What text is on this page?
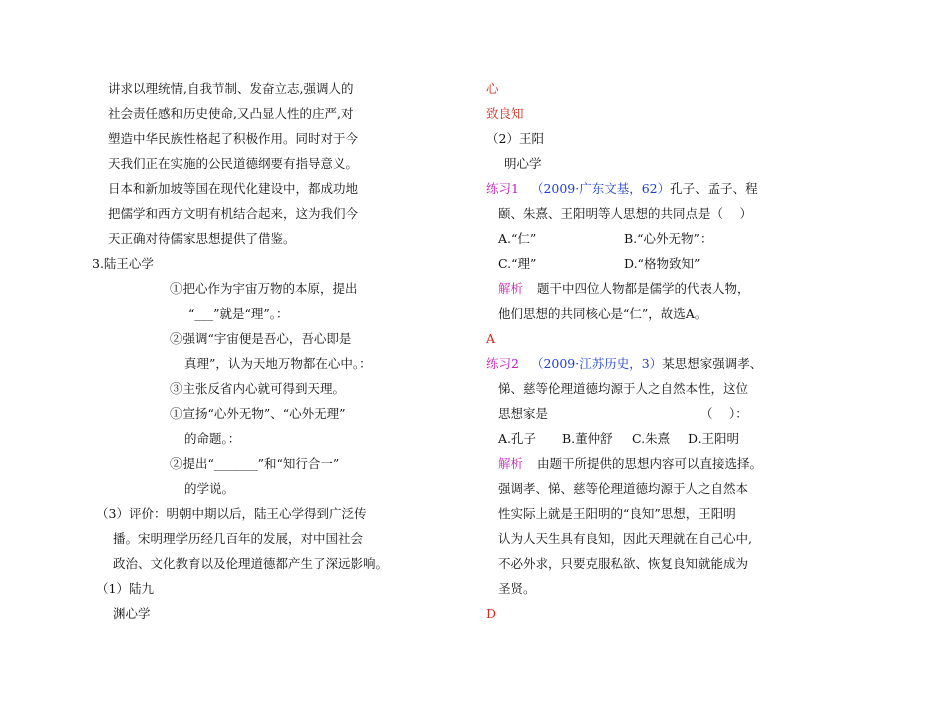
讲求以理统情,自我节制、发奋立志,强调人的
社会责任感和历史使命,又凸显人性的庄严,对
塑造中华民族性格起了积极作用。同时对于今
天我们正在实施的公民道德纲要有指导意义。
日本和新加坡等国在现代化建设中，都成功地
把儒学和西方文明有机结合起来，这为我们今
天正确对待儒家思想提供了借鉴。
3.陆王心学
①把心作为宇宙万物的本原，提出
“___”就是“理”。：
②强调“宇宙便是吾心，吾心即是
真理”，认为天地万物都在心中。：
③主张反省内心就可得到天理。
①宣扬“心外无物”、“心外无理”
的命题。：
②提出“_______”和“知行合一”
的学说。
（3）评价：明朝中期以后，陆王心学得到广泛传
播。宋明理学历经几百年的发展，对中国社会
政治、文化教育以及伦理道德都产生了深远影响。
（1）陆九
渊心学
心
致良知
（2）王阳
明心学
练习1 （2009·广东文基，62）孔子、孟子、程
颐、朱熹、王阳明等人思想的共同点是（　 ）
A.“仁”	B.“心外无物”：
C.“理”	D.“格物致知”
解析 题干中四位人物都是儒学的代表人物，
他们思想的共同核心是“仁”，故选A。
A
练习2 （2009·江苏历史，3）某思想家强调孝、
悌、慈等伦理道德均源于人之自然本性，这位
思想家是	（　 ）：
A.孔子 B.董仲舒 C.朱熹 D.王阳明
解析 由题干所提供的思想内容可以直接选择。
强调孝、悌、慈等伦理道德均源于人之自然本
性实际上就是王阳明的“良知”思想，王阳明
认为人天生具有良知，因此天理就在自己心中,
不必外求，只要克服私欲、恢复良知就能成为
圣贤。
D
